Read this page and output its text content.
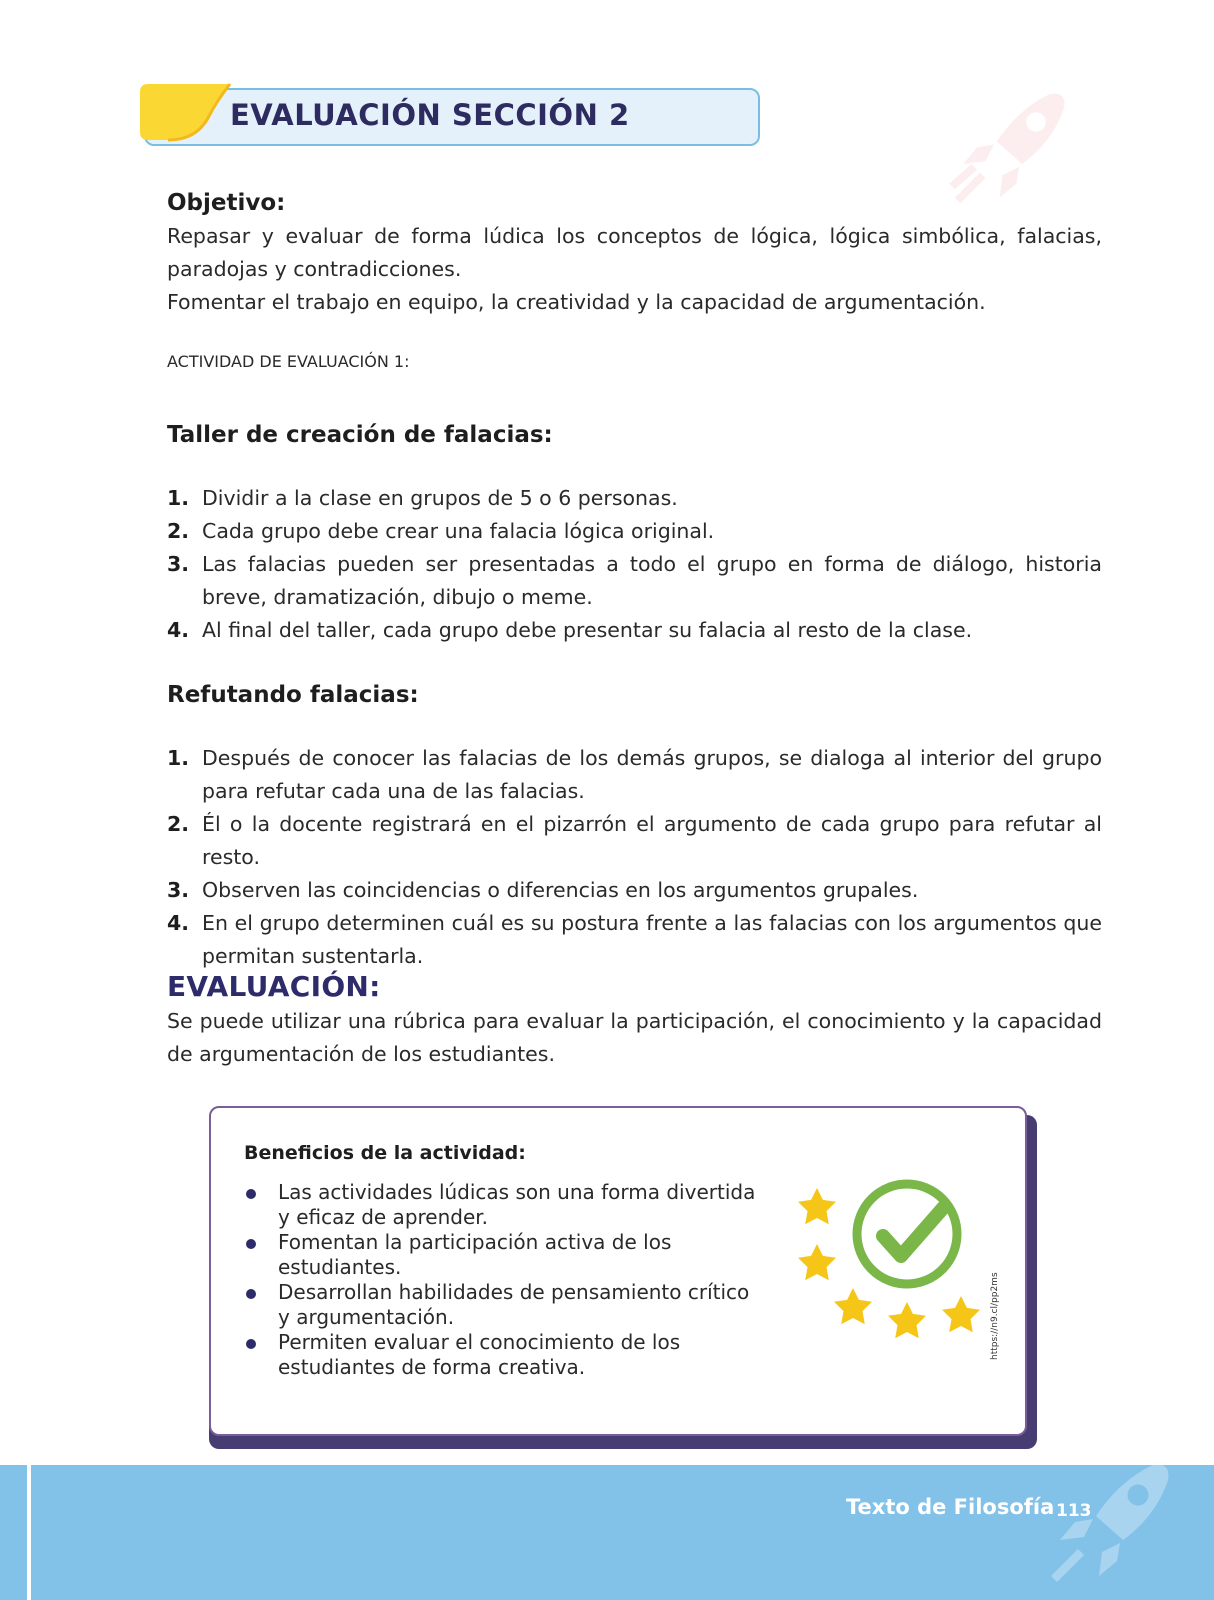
EVALUACIÓN SECCIÓN 2
Objetivo:
Repasar y evaluar de forma lúdica los conceptos de lógica, lógica simbólica, falacias, paradojas y contradicciones.
Fomentar el trabajo en equipo, la creatividad y la capacidad de argumentación.
ACTIVIDAD DE EVALUACIÓN 1:
Taller de creación de falacias:
1. Dividir a la clase en grupos de 5 o 6 personas.
2. Cada grupo debe crear una falacia lógica original.
3. Las falacias pueden ser presentadas a todo el grupo en forma de diálogo, historia breve, dramatización, dibujo o meme.
4. Al final del taller, cada grupo debe presentar su falacia al resto de la clase.
Refutando falacias:
1. Después de conocer las falacias de los demás grupos, se dialoga al interior del grupo para refutar cada una de las falacias.
2. Él o la docente registrará en el pizarrón el argumento de cada grupo para refutar al resto.
3. Observen las coincidencias o diferencias en los argumentos grupales.
4. En el grupo determinen cuál es su postura frente a las falacias con los argumentos que permitan sustentarla.
EVALUACIÓN:
Se puede utilizar una rúbrica para evaluar la participación, el conocimiento y la capacidad de argumentación de los estudiantes.
Beneficios de la actividad:
Las actividades lúdicas son una forma divertida y eficaz de aprender.
Fomentan la participación activa de los estudiantes.
Desarrollan habilidades de pensamiento crítico y argumentación.
Permiten evaluar el conocimiento de los estudiantes de forma creativa.
https://n9.cl/pp2ms
Texto de Filosofía 113
